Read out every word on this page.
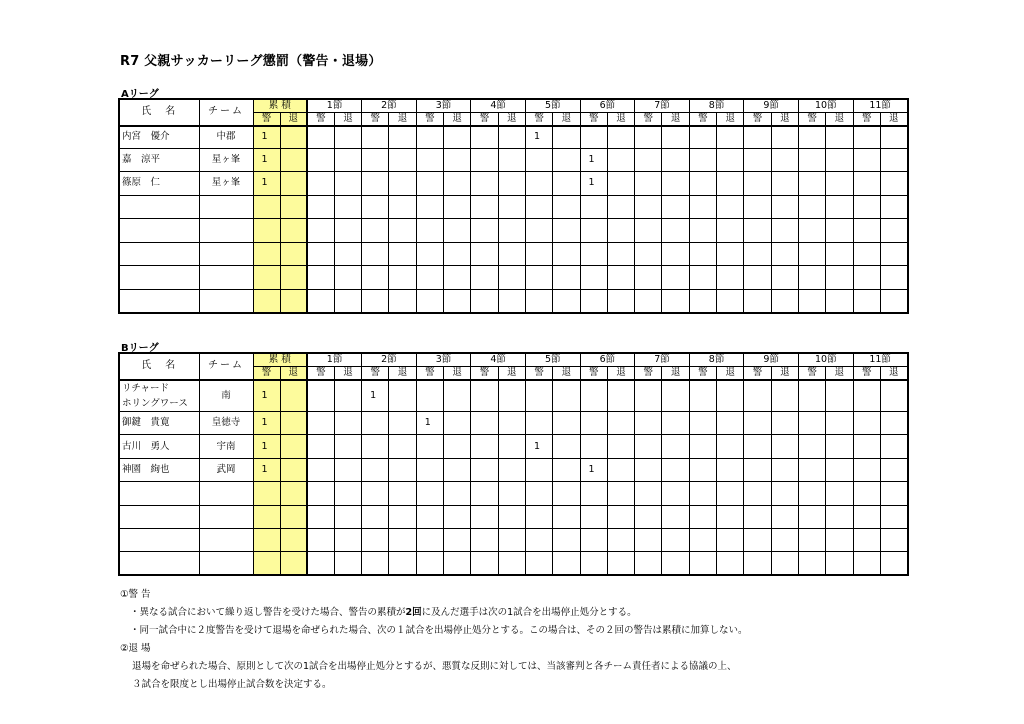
R7 父親サッカーリーグ懲罰（警告・退場）
Aリーグ
氏　名	チーム	累 積		1節		2節		3節		4節		5節		6節		7節		8節		9節		10節		11節	
		警	退	警	退	警	退	警	退	警	退	警	退	警	退	警	退	警	退	警	退	警	退	警	退
内宮　優介	中郡	1										1													
嘉　涼平	星ヶ峯	1												1											
篠原　仁	星ヶ峯	1												1											

Bリーグ
氏　名	チーム	累 積		1節		2節		3節		4節		5節		6節		7節		8節		9節		10節		11節	
		警	退	警	退	警	退	警	退	警	退	警	退	警	退	警	退	警	退	警	退	警	退	警	退

リチャード
ホリングワース	南	1				1																			
御鍵　貴寛	皇徳寺	1						1																	
古川　勇人	宇南	1										1													
神園　絢也	武岡	1												1											

①警 告
・異なる試合において繰り返し警告を受けた場合、警告の累積が2回に及んだ選手は次の1試合を出場停止処分とする。
・同一試合中に２度警告を受けて退場を命ぜられた場合、次の１試合を出場停止処分とする。この場合は、その２回の警告は累積に加算しない。
②退 場
退場を命ぜられた場合、原則として次の1試合を出場停止処分とするが、悪質な反則に対しては、当該審判と各チーム責任者による協議の上、
３試合を限度とし出場停止試合数を決定する。
